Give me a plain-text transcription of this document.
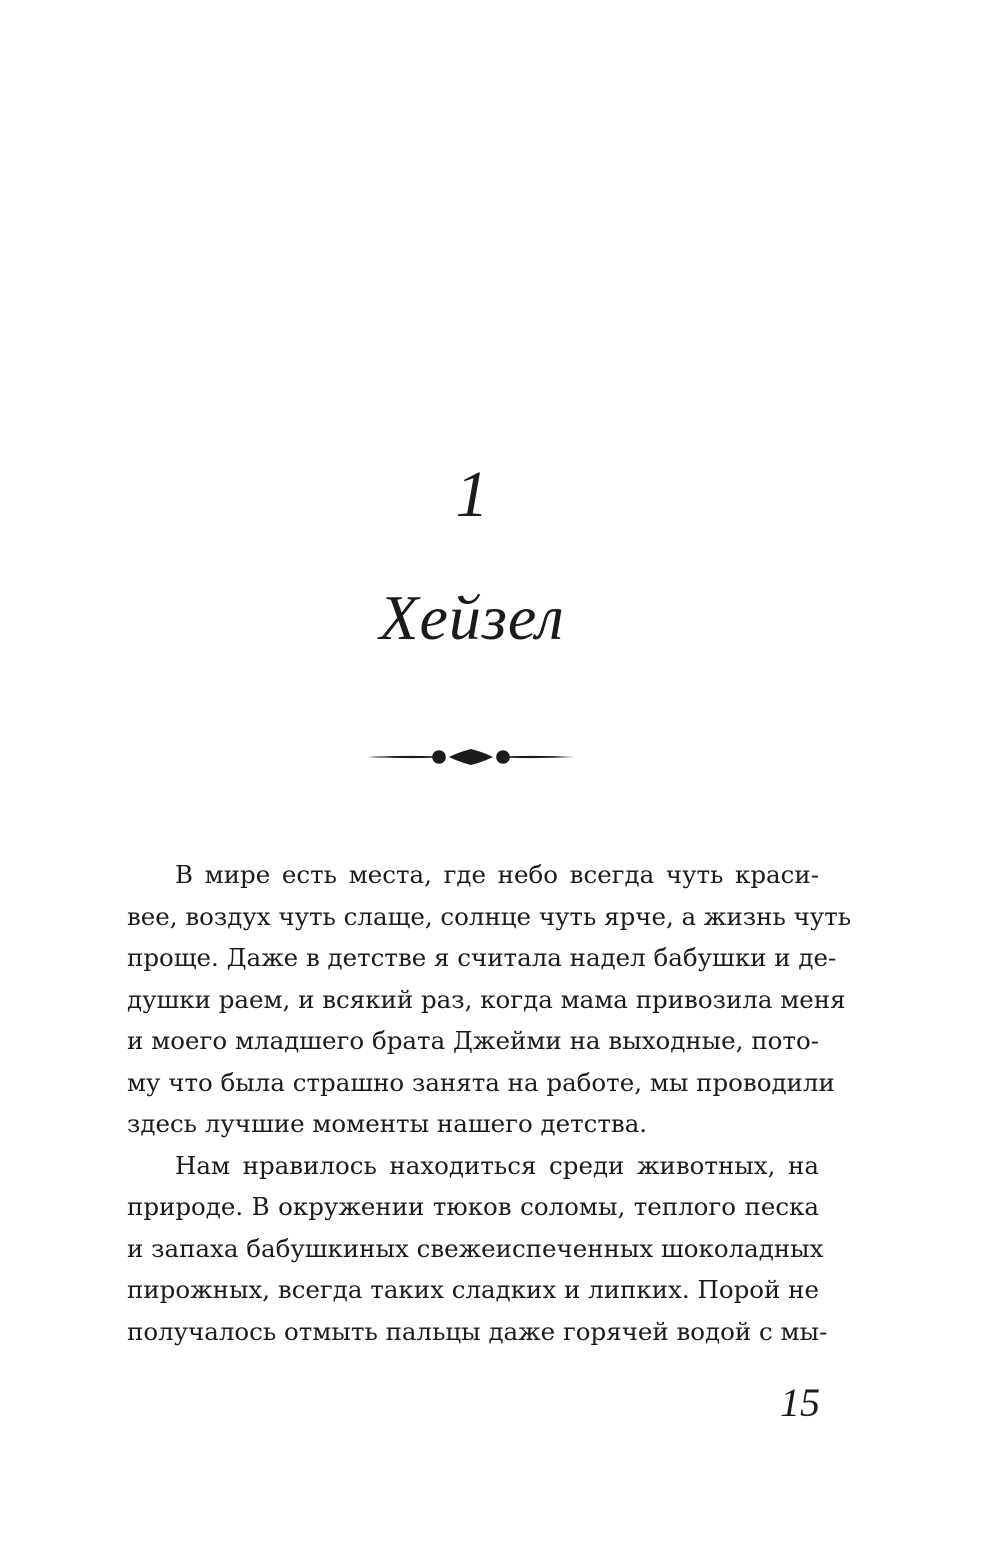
1
Хейзел
В мире есть места, где небо всегда чуть краси-
вее, воздух чуть слаще, солнце чуть ярче, а жизнь чуть
проще. Даже в детстве я считала надел бабушки и де-
душки раем, и всякий раз, когда мама привозила меня
и моего младшего брата Джейми на выходные, пото-
му что была страшно занята на работе, мы проводили
здесь лучшие моменты нашего детства.
Нам нравилось находиться среди животных, на
природе. В окружении тюков соломы, теплого песка
и запаха бабушкиных свежеиспеченных шоколадных
пирожных, всегда таких сладких и липких. Порой не
получалось отмыть пальцы даже горячей водой с мы-
15
